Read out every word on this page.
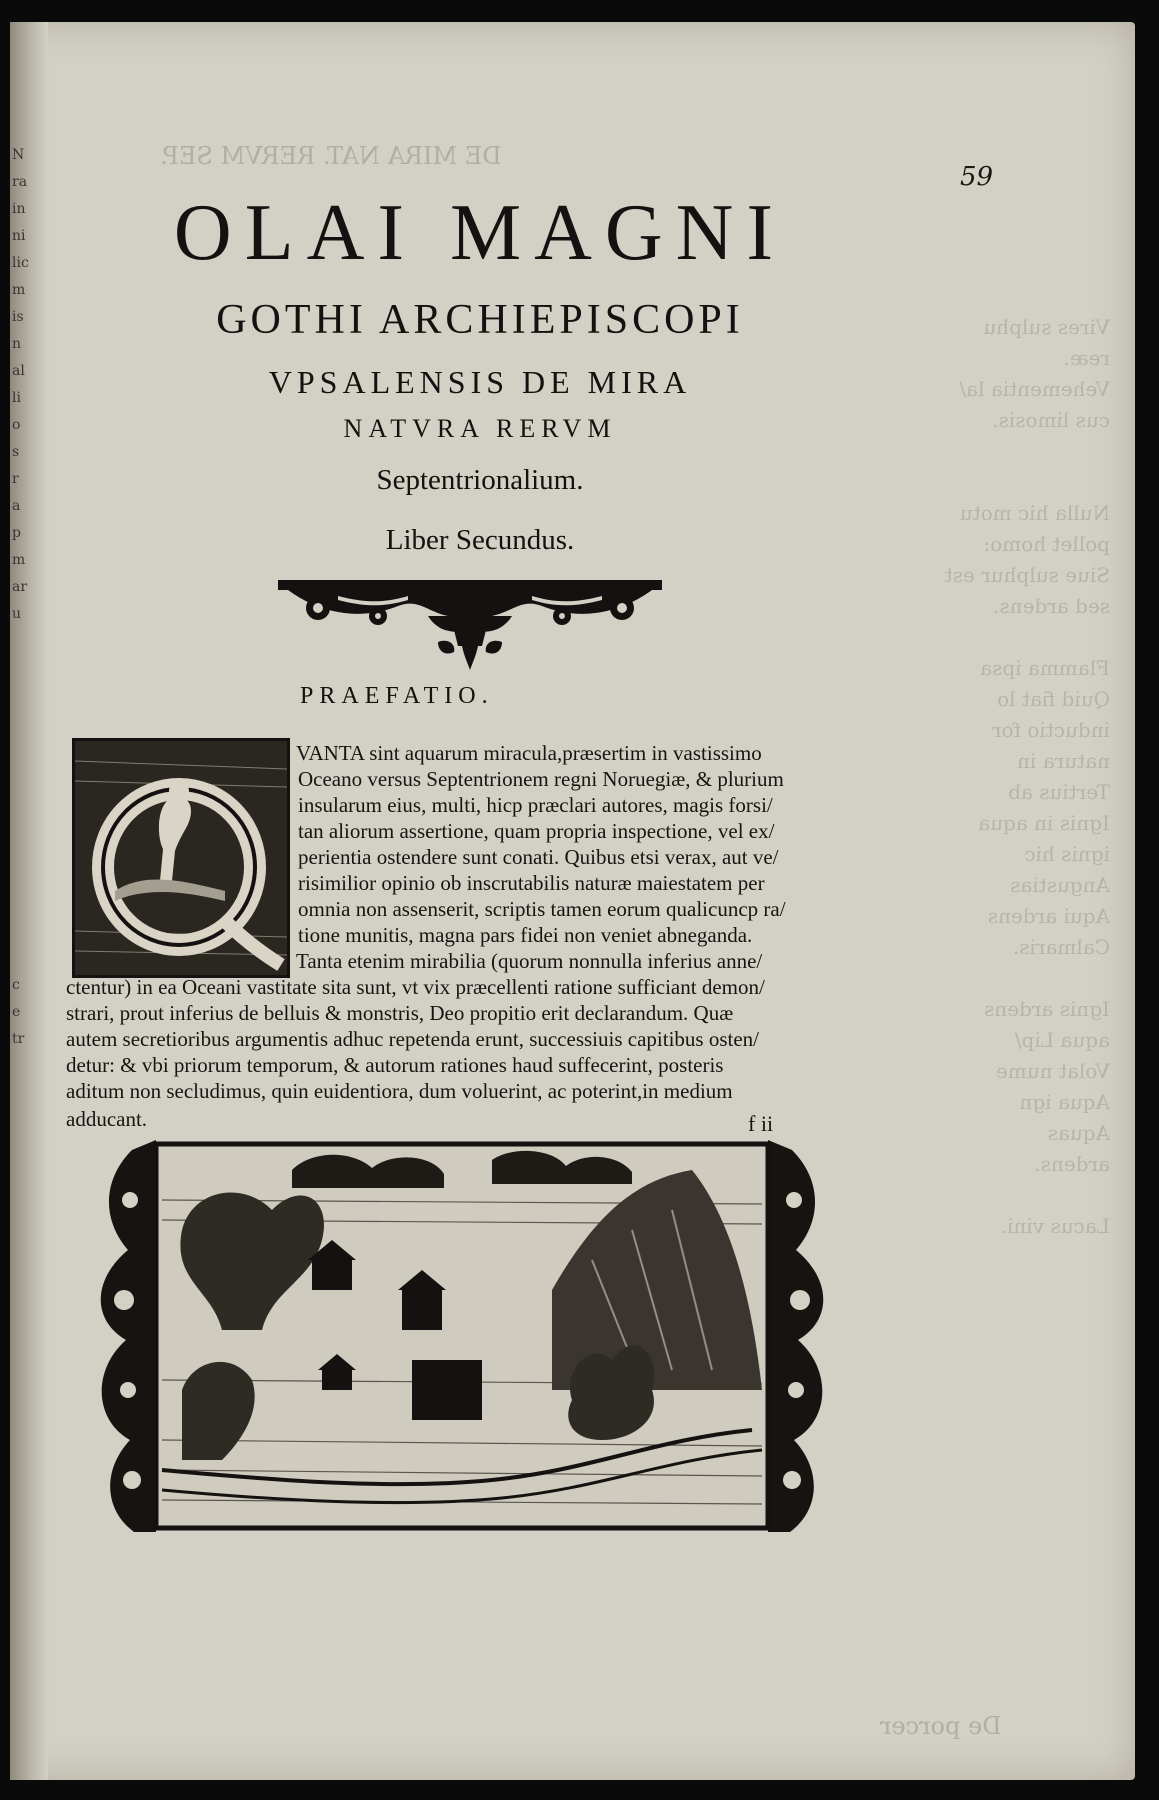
N
ra
in
ni
lic
m
is
n
al
li
o
s
r
a
p
m
ar
u
c
e
tr
DE MIRA NAT. RERVM SEP.
Vires sulphu
reæ.
Vehementia la/
cus limosis.

Nulla hic motu
pollet homo:
Siue sulphur est
sed ardens.

Flamma ipsa
Quid fiat lo
inductio for
natura in
Tertius ab
Ignis in aqua
ignis hic
Angustias
Aqui ardens
Calmaris.

Ignis ardens
aqua Lip/
Volat nume
Aqua ign
Aquas
ardens.

Lacus vini.
De porcer
59
OLAI MAGNI
GOTHI ARCHIEPISCOPI
VPSALENSIS DE MIRA
NATVRA RERVM
Septentrionalium.
Liber Secundus.
PRAEFATIO.
VANTA sint aquarum miracula,præsertim in vastissimo
Oceano versus Septentrionem regni Noruegiæ, & plurium
insularum eius, multi, hicp præclari autores, magis forsi/
tan aliorum assertione, quam propria inspectione, vel ex/
perientia ostendere sunt conati. Quibus etsi verax, aut ve/
risimilior opinio ob inscrutabilis naturæ maiestatem per
omnia non assenserit, scriptis tamen eorum qualicuncp ra/
tione munitis, magna pars fidei non veniet abneganda.
Tanta etenim mirabilia (quorum nonnulla inferius anne/
ctentur) in ea Oceani vastitate sita sunt, vt vix præcellenti ratione sufficiant demon/
strari, prout inferius de belluis & monstris, Deo propitio erit declarandum. Quæ
autem secretioribus argumentis adhuc repetenda erunt, successiuis capitibus osten/
detur: & vbi priorum temporum, & autorum rationes haud suffecerint, posteris
aditum non secludimus, quin euidentiora, dum voluerint, ac poterint,in medium
adducant.	f ii
